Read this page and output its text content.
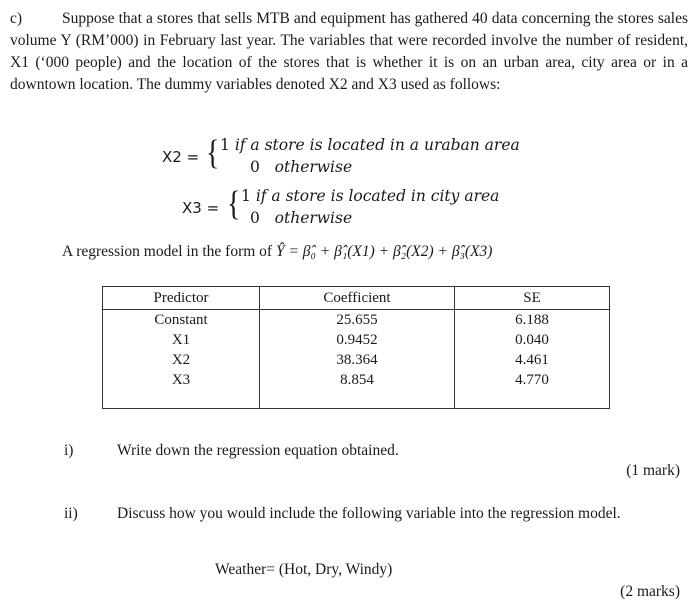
c)	Suppose that a stores that sells MTB and equipment has gathered 40 data concerning the stores sales volume Y (RM’000) in February last year. The variables that were recorded involve the number of resident, X1 (‘000 people) and the location of the stores that is whether it is on an urban area, city area or in a downtown location. The dummy variables denoted X2 and X3 used as follows:

X2 = { 1 if a store is located in a uraban area
0 otherwise
X3 = { 1 if a store is located in city area
0 otherwise
A regression model in the form of Ŷ = β̂₀ + β̂₁(X1) + β̂₂(X2) + β̂₃(X3)
Predictor	Coefficient	SE
Constant	25.655	6.188
X1	0.9452	0.040
X2	38.364	4.461
X3	8.854	4.770
i)	Write down the regression equation obtained.
(1 mark)
ii)	Discuss how you would include the following variable into the regression model.
Weather= (Hot, Dry, Windy)
(2 marks)
